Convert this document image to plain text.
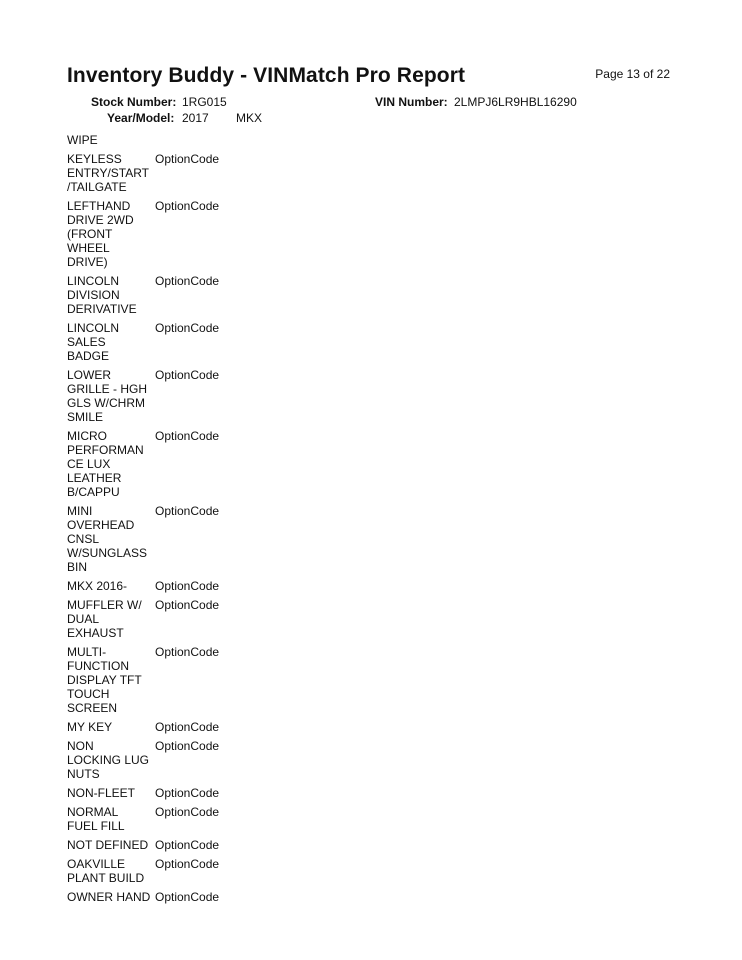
Inventory Buddy - VINMatch Pro Report	Page 13 of 22
Stock Number: 1RG015	VIN Number: 2LMPJ6LR9HBL16290
Year/Model: 2017 MKX
WIPE
KEYLESS
ENTRY/START
/TAILGATE
OptionCode
LEFTHAND
DRIVE 2WD
(FRONT
WHEEL
DRIVE)
OptionCode
LINCOLN
DIVISION
DERIVATIVE
OptionCode
LINCOLN
SALES
BADGE
OptionCode
LOWER
GRILLE - HGH
GLS W/CHRM
SMILE
OptionCode
MICRO
PERFORMAN
CE LUX
LEATHER
B/CAPPU
OptionCode
MINI
OVERHEAD
CNSL
W/SUNGLASS
BIN
OptionCode
MKX 2016-	OptionCode
MUFFLER W/
DUAL
EXHAUST
OptionCode
MULTI-
FUNCTION
DISPLAY TFT
TOUCH
SCREEN
OptionCode
MY KEY	OptionCode
NON
LOCKING LUG
NUTS
OptionCode
NON-FLEET	OptionCode
NORMAL
FUEL FILL
OptionCode
NOT DEFINED OptionCode
OAKVILLE
PLANT BUILD
OptionCode
OWNER HAND OptionCode
